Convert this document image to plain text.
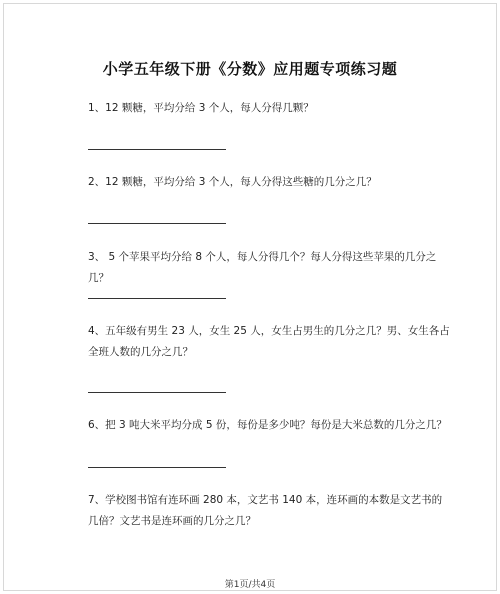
小学五年级下册《分数》应用题专项练习题
1、12 颗糖，平均分给 3 个人，每人分得几颗？
2、12 颗糖，平均分给 3 个人，每人分得这些糖的几分之几？
3、 5 个苹果平均分给 8 个人，每人分得几个？每人分得这些苹果的几分之几？
4、五年级有男生 23 人，女生 25 人，女生占男生的几分之几？男、女生各占全班人数的几分之几？
6、把 3 吨大米平均分成 5 份，每份是多少吨？每份是大米总数的几分之几？
7、学校图书馆有连环画 280 本，文艺书 140 本，连环画的本数是文艺书的几倍？文艺书是连环画的几分之几？
第1页/共4页
